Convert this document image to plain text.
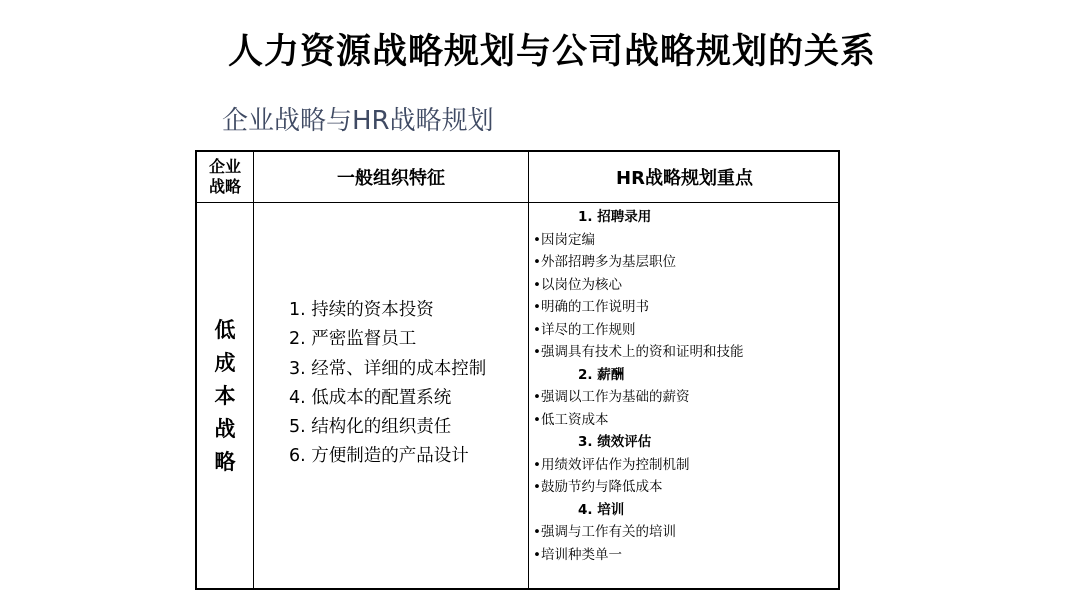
人力资源战略规划与公司战略规划的关系
企业战略与HR战略规划
企业
战略	一般组织特征	HR战略规划重点
低
成
本
战
略
1. 持续的资本投资
2. 严密监督员工
3. 经常、详细的成本控制
4. 低成本的配置系统
5. 结构化的组织责任
6. 方便制造的产品设计
1. 招聘录用
•因岗定编
•外部招聘多为基层职位
•以岗位为核心
•明确的工作说明书
•详尽的工作规则
•强调具有技术上的资和证明和技能
2. 薪酬
•强调以工作为基础的薪资
•低工资成本
3. 绩效评估
•用绩效评估作为控制机制
•鼓励节约与降低成本
4. 培训
•强调与工作有关的培训
•培训种类单一
